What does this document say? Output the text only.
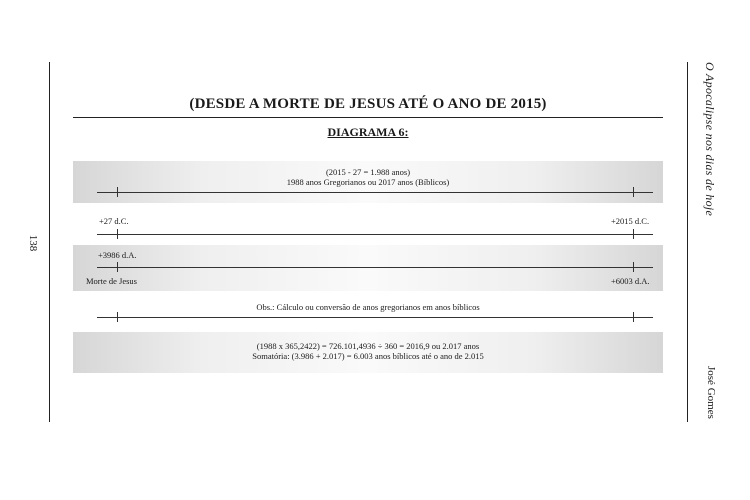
138
O Apocalipse nos dias de hoje
José Gomes
(DESDE A MORTE DE JESUS ATÉ O ANO DE 2015)
DIAGRAMA 6:
(2015 - 27 = 1.988 anos)
1988 anos Gregorianos ou 2017 anos (Bíblicos)
+27 d.C.	+2015 d.C.
+3986 d.A.
Morte de Jesus	+6003 d.A.
Obs.: Cálculo ou conversão de anos gregorianos em anos bíblicos
(1988 x 365,2422) = 726.101,4936 ÷ 360 = 2016,9 ou 2.017 anos
Somatória: (3.986 + 2.017) = 6.003 anos bíblicos até o ano de 2.015
